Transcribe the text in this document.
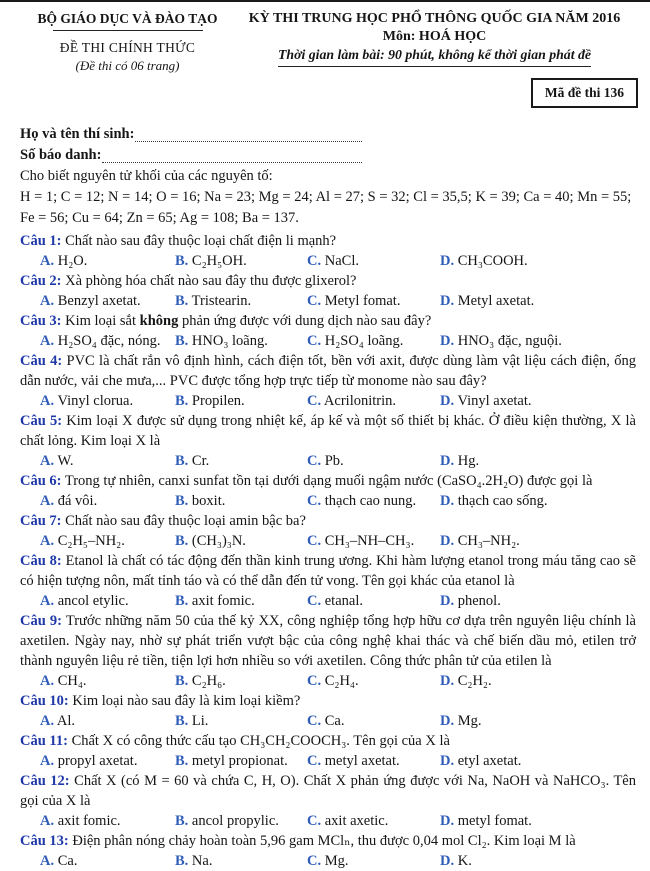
BỘ GIÁO DỤC VÀ ĐÀO TẠO
ĐỀ THI CHÍNH THỨC
(Đề thi có 06 trang)
KỲ THI TRUNG HỌC PHỔ THÔNG QUỐC GIA NĂM 2016
Môn: HOÁ HỌC
Thời gian làm bài: 90 phút, không kể thời gian phát đề
Mã đề thi 136
Họ và tên thí sinh:
Số báo danh:

Cho biết nguyên tử khối của các nguyên tố:

H = 1; C = 12; N = 14; O = 16; Na = 23; Mg = 24; Al = 27; S = 32; Cl = 35,5; K = 39; Ca = 40; Mn = 55;

Fe = 56; Cu = 64; Zn = 65; Ag = 108; Ba = 137.

Câu 1: Chất nào sau đây thuộc loại chất điện li mạnh?

A. H₂O.	B. C₂H₅OH.	C. NaCl.	D. CH₃COOH.

Câu 2: Xà phòng hóa chất nào sau đây thu được glixerol?

A. Benzyl axetat.	B. Tristearin.	C. Metyl fomat.	D. Metyl axetat.

Câu 3: Kim loại sắt không phản ứng được với dung dịch nào sau đây?

A. H₂SO₄ đặc, nóng.	B. HNO₃ loãng.	C. H₂SO₄ loãng.	D. HNO₃ đặc, nguội.

Câu 4: PVC là chất rắn vô định hình, cách điện tốt, bền với axit, được dùng làm vật liệu cách điện, ống dẫn nước, vải che mưa,... PVC được tổng hợp trực tiếp từ monome nào sau đây?

A. Vinyl clorua.	B. Propilen.	C. Acrilonitrin.	D. Vinyl axetat.

Câu 5: Kim loại X được sử dụng trong nhiệt kế, áp kế và một số thiết bị khác. Ở điều kiện thường, X là chất lỏng. Kim loại X là

A. W.	B. Cr.	C. Pb.	D. Hg.

Câu 6: Trong tự nhiên, canxi sunfat tồn tại dưới dạng muối ngậm nước (CaSO₄.2H₂O) được gọi là

A. đá vôi.	B. boxit.	C. thạch cao nung.	D. thạch cao sống.

Câu 7: Chất nào sau đây thuộc loại amin bậc ba?

A. C₂H₅–NH₂.	B. (CH₃)₃N.	C. CH₃–NH–CH₃.	D. CH₃–NH₂.

Câu 8: Etanol là chất có tác động đến thần kinh trung ương. Khi hàm lượng etanol trong máu tăng cao sẽ có hiện tượng nôn, mất tỉnh táo và có thể dẫn đến tử vong. Tên gọi khác của etanol là

A. ancol etylic.	B. axit fomic.	C. etanal.	D. phenol.

Câu 9: Trước những năm 50 của thế kỷ XX, công nghiệp tổng hợp hữu cơ dựa trên nguyên liệu chính là axetilen. Ngày nay, nhờ sự phát triển vượt bậc của công nghệ khai thác và chế biến dầu mỏ, etilen trở thành nguyên liệu rẻ tiền, tiện lợi hơn nhiều so với axetilen. Công thức phân tử của etilen là

A. CH₄.	B. C₂H₆.	C. C₂H₄.	D. C₂H₂.

Câu 10: Kim loại nào sau đây là kim loại kiềm?

A. Al.	B. Li.	C. Ca.	D. Mg.

Câu 11: Chất X có công thức cấu tạo CH₃CH₂COOCH₃. Tên gọi của X là

A. propyl axetat.	B. metyl propionat.	C. metyl axetat.	D. etyl axetat.

Câu 12: Chất X (có M = 60 và chứa C, H, O). Chất X phản ứng được với Na, NaOH và NaHCO₃. Tên gọi của X là

A. axit fomic.	B. ancol propylic.	C. axit axetic.	D. metyl fomat.

Câu 13: Điện phân nóng chảy hoàn toàn 5,96 gam MClₙ, thu được 0,04 mol Cl₂. Kim loại M là

A. Ca.	B. Na.	C. Mg.	D. K.
